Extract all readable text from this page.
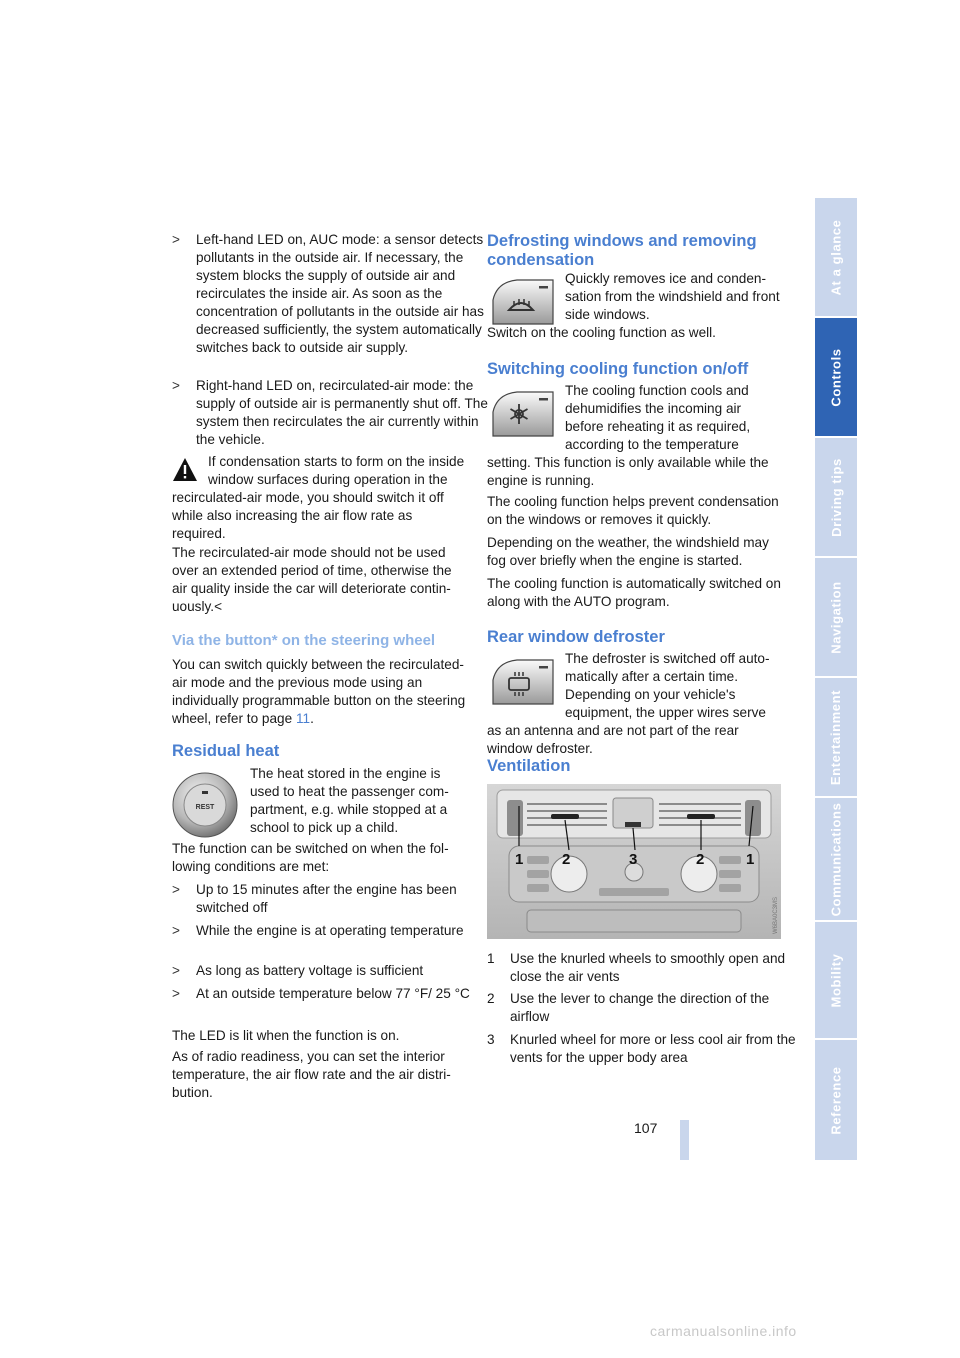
> Left-hand LED on, AUC mode: a sensor detects pollutants in the outside air. If necessary, the system blocks the supply of outside air and recirculates the inside air. As soon as the concentration of pollutants in the outside air has decreased sufficiently, the system automatically switches back to outside air supply.
> Right-hand LED on, recirculated-air mode: the supply of outside air is permanently shut off. The system then recirculates the air currently within the vehicle.
If condensation starts to form on the inside window surfaces during operation in the recirculated-air mode, you should switch it off while also increasing the air flow rate as required.
The recirculated-air mode should not be used over an extended period of time, otherwise the air quality inside the car will deteriorate continuously.<
Via the button* on the steering wheel

You can switch quickly between the recirculated-air mode and the previous mode using an individually programmable button on the steering wheel, refer to page 11.

Residual heat
REST
The heat stored in the engine is used to heat the passenger compartment, e.g. while stopped at a school to pick up a child.

The function can be switched on when the following conditions are met:

> Up to 15 minutes after the engine has been switched off
> While the engine is at operating temperature
> As long as battery voltage is sufficient
> At an outside temperature below 77 °F/ 25 °C

The LED is lit when the function is on.

As of radio readiness, you can set the interior temperature, the air flow rate and the air distribution.

Defrosting windows and removing condensation
Quickly removes ice and condensation from the windshield and front side windows.

Switch on the cooling function as well.

Switching cooling function on/off
The cooling function cools and dehumidifies the incoming air before reheating it as required, according to the temperature setting. This function is only available while the engine is running.

The cooling function helps prevent condensation on the windows or removes it quickly.

Depending on the weather, the windshield may fog over briefly when the engine is started.

The cooling function is automatically switched on along with the AUTO program.

Rear window defroster
The defroster is switched off automatically after a certain time. Depending on your vehicle's equipment, the upper wires serve as an antenna and are not part of the rear window defroster.
Ventilation
1 Use the knurled wheels to smoothly open and close the air vents
2 Use the lever to change the direction of the airflow
3 Knurled wheel for more or less cool air from the vents for the upper body area
1	2	3	2	1
W6BA0C3MS
At a glance
Controls
Driving tips
Navigation
Entertainment
Communications
Mobility
Reference
107
carmanualsonline.info
